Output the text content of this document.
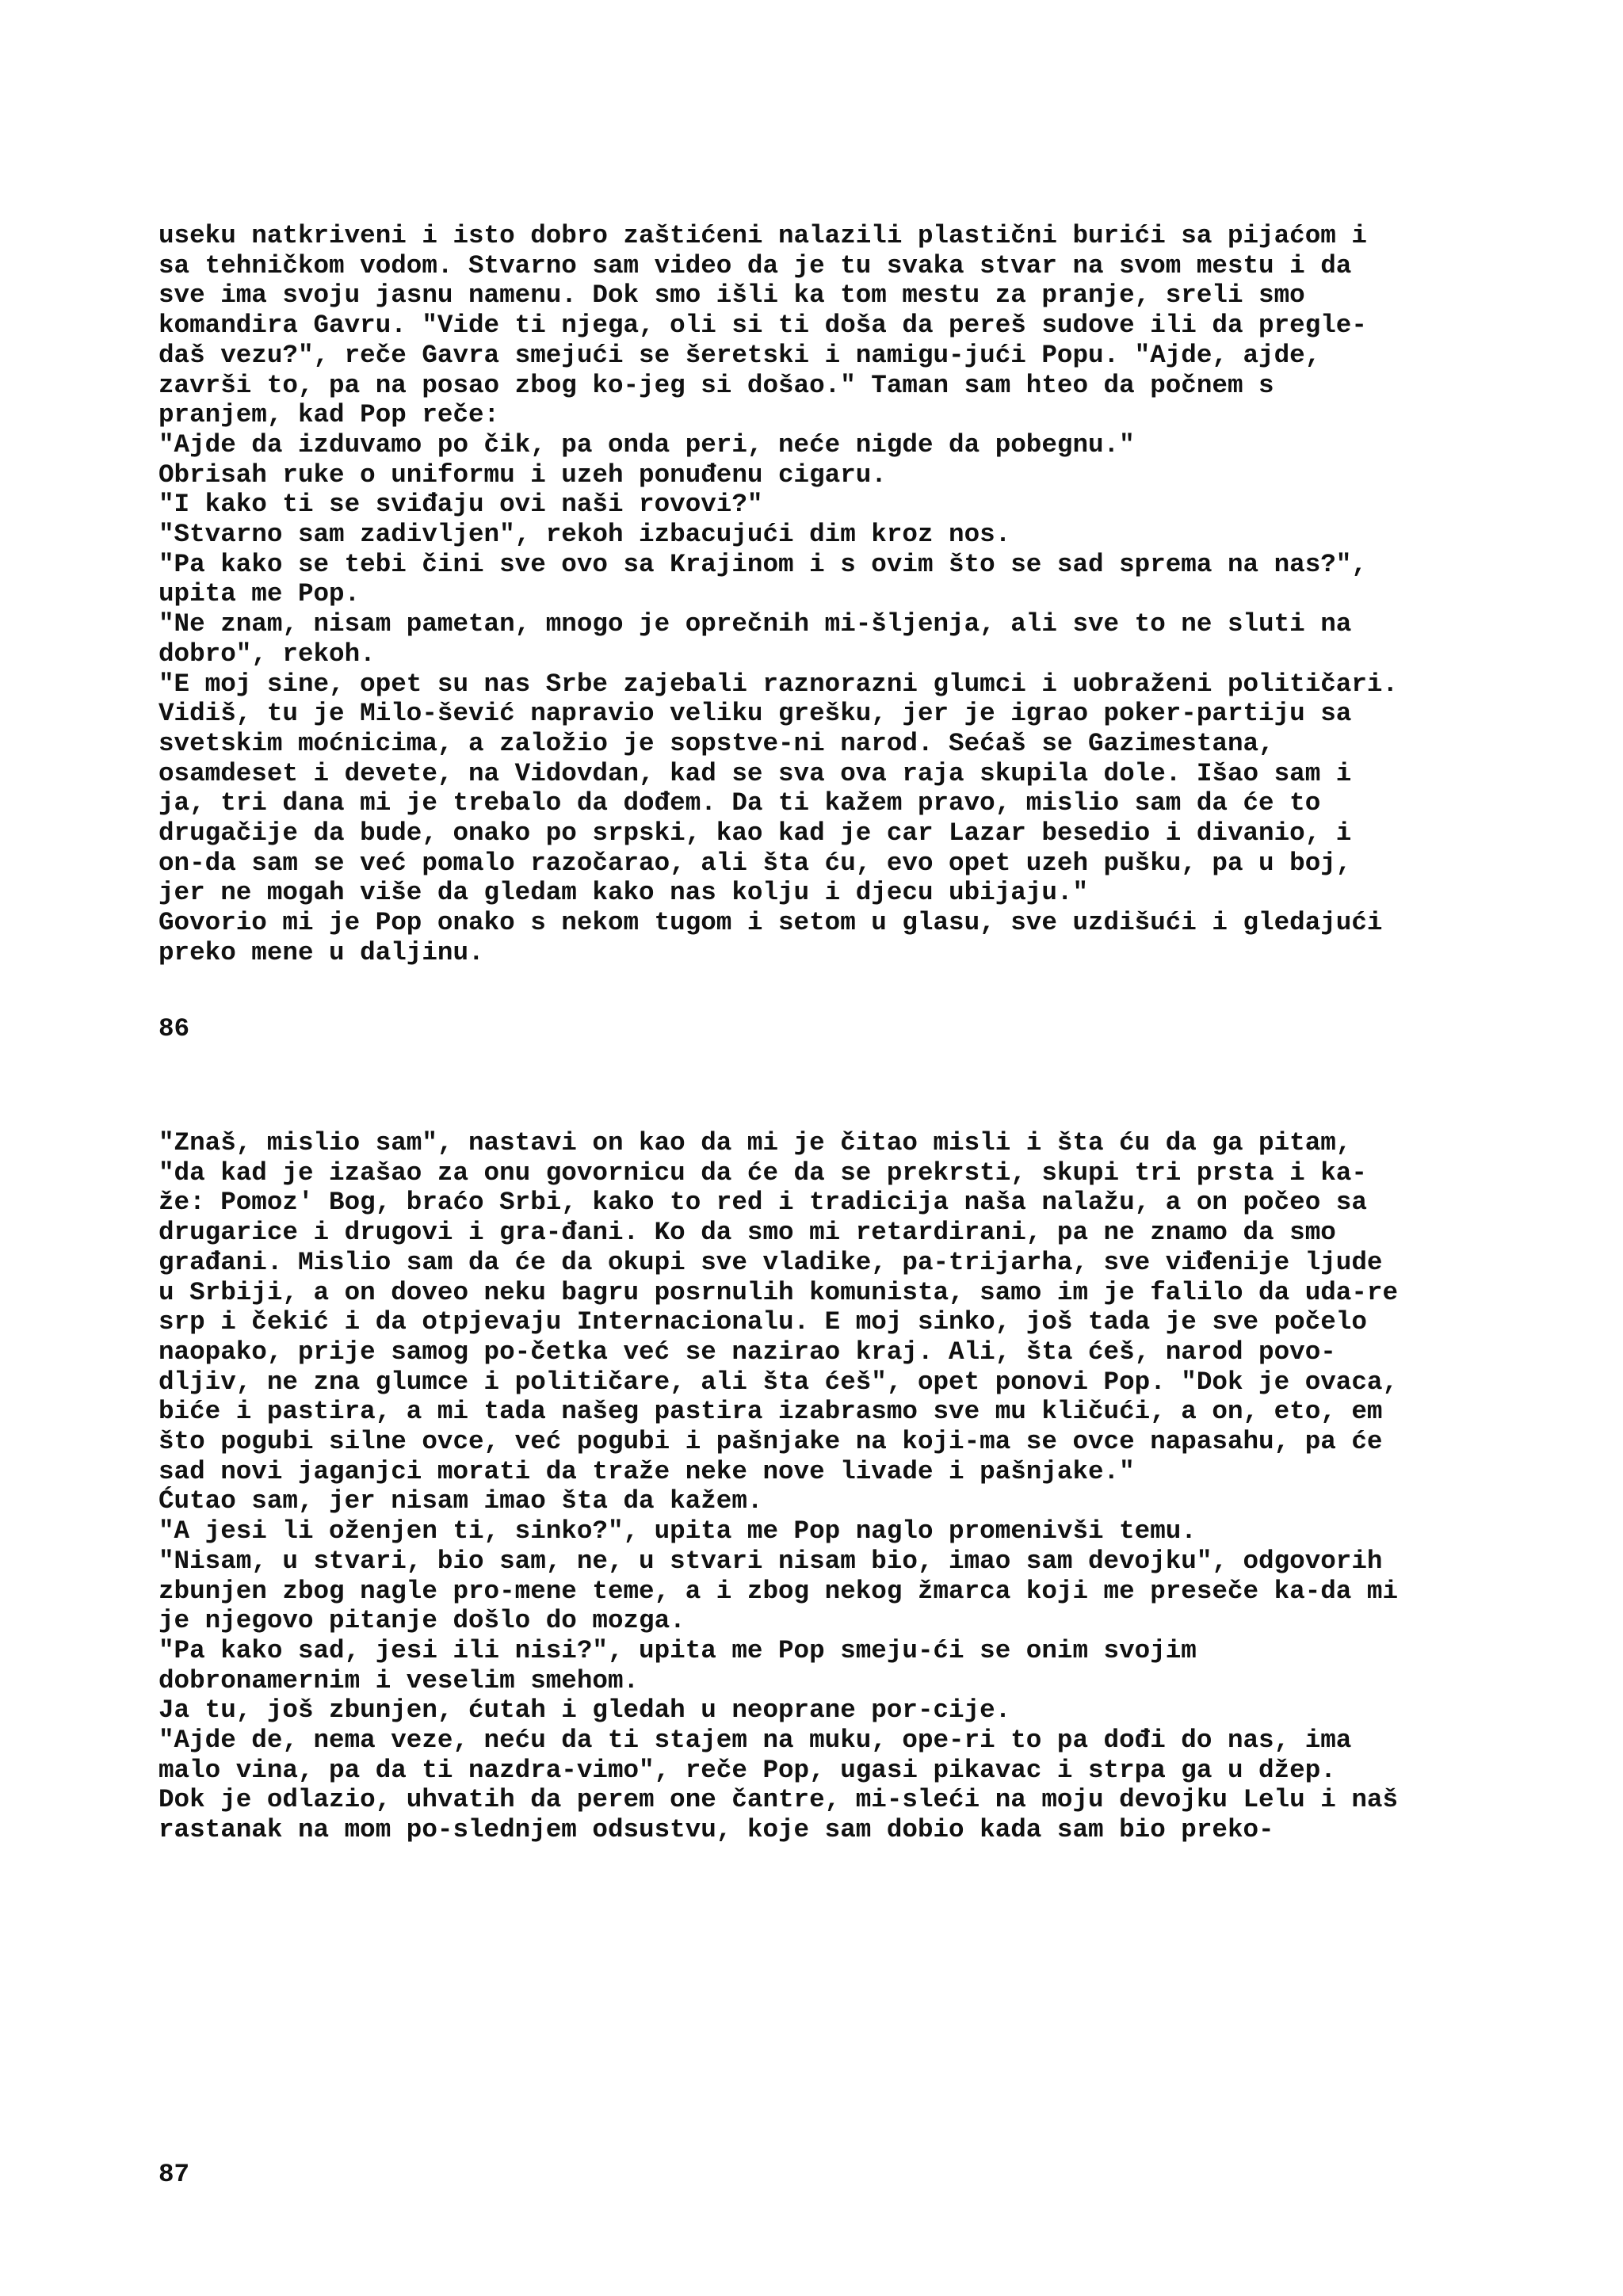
useku natkriveni i isto dobro zaštićeni nalazili plastični burići sa pijaćom i
sa tehničkom vodom. Stvarno sam video da je tu svaka stvar na svom mestu i da
sve ima svoju jasnu namenu. Dok smo išli ka tom mestu za pranje, sreli smo
komandira Gavru. "Vide ti njega, oli si ti doša da pereš sudove ili da pregle-
daš vezu?", reče Gavra smejući se šeretski i namigu-jući Popu. "Ajde, ajde,
završi to, pa na posao zbog ko-jeg si došao." Taman sam hteo da počnem s
pranjem, kad Pop reče:
"Ajde da izduvamo po čik, pa onda peri, neće nigde da pobegnu."
Obrisah ruke o uniformu i uzeh ponuđenu cigaru.
"I kako ti se sviđaju ovi naši rovovi?"
"Stvarno sam zadivljen", rekoh izbacujući dim kroz nos.
"Pa kako se tebi čini sve ovo sa Krajinom i s ovim što se sad sprema na nas?",
upita me Pop.
"Ne znam, nisam pametan, mnogo je oprečnih mi-šljenja, ali sve to ne sluti na
dobro", rekoh.
"E moj sine, opet su nas Srbe zajebali raznorazni glumci i uobraženi političari.
Vidiš, tu je Milo-šević napravio veliku grešku, jer je igrao poker-partiju sa
svetskim moćnicima, a založio je sopstve-ni narod. Sećaš se Gazimestana,
osamdeset i devete, na Vidovdan, kad se sva ova raja skupila dole. Išao sam i
ja, tri dana mi je trebalo da dođem. Da ti kažem pravo, mislio sam da će to
drugačije da bude, onako po srpski, kao kad je car Lazar besedio i divanio, i
on-da sam se već pomalo razočarao, ali šta ću, evo opet uzeh pušku, pa u boj,
jer ne mogah više da gledam kako nas kolju i djecu ubijaju."
Govorio mi je Pop onako s nekom tugom i setom u glasu, sve uzdišući i gledajući
preko mene u daljinu.
86
"Znaš, mislio sam", nastavi on kao da mi je čitao misli i šta ću da ga pitam,
"da kad je izašao za onu govornicu da će da se prekrsti, skupi tri prsta i ka-
že: Pomoz' Bog, braćo Srbi, kako to red i tradicija naša nalažu, a on počeo sa
drugarice i drugovi i gra-đani. Ko da smo mi retardirani, pa ne znamo da smo
građani. Mislio sam da će da okupi sve vladike, pa-trijarha, sve viđenije ljude
u Srbiji, a on doveo neku bagru posrnulih komunista, samo im je falilo da uda-re
srp i čekić i da otpjevaju Internacionalu. E moj sinko, još tada je sve počelo
naopako, prije samog po-četka već se nazirao kraj. Ali, šta ćeš, narod povo-
dljiv, ne zna glumce i političare, ali šta ćeš", opet ponovi Pop. "Dok je ovaca,
biće i pastira, a mi tada našeg pastira izabrasmo sve mu kličući, a on, eto, em
što pogubi silne ovce, već pogubi i pašnjake na koji-ma se ovce napasahu, pa će
sad novi jaganjci morati da traže neke nove livade i pašnjake."
Ćutao sam, jer nisam imao šta da kažem.
"A jesi li oženjen ti, sinko?", upita me Pop naglo promenivši temu.
"Nisam, u stvari, bio sam, ne, u stvari nisam bio, imao sam devojku", odgovorih
zbunjen zbog nagle pro-mene teme, a i zbog nekog žmarca koji me preseče ka-da mi
je njegovo pitanje došlo do mozga.
"Pa kako sad, jesi ili nisi?", upita me Pop smeju-ći se onim svojim
dobronamernim i veselim smehom.
Ja tu, još zbunjen, ćutah i gledah u neoprane por-cije.
"Ajde de, nema veze, neću da ti stajem na muku, ope-ri to pa dođi do nas, ima
malo vina, pa da ti nazdra-vimo", reče Pop, ugasi pikavac i strpa ga u džep.
Dok je odlazio, uhvatih da perem one čantre, mi-sleći na moju devojku Lelu i naš
rastanak na mom po-slednjem odsustvu, koje sam dobio kada sam bio preko-
87
